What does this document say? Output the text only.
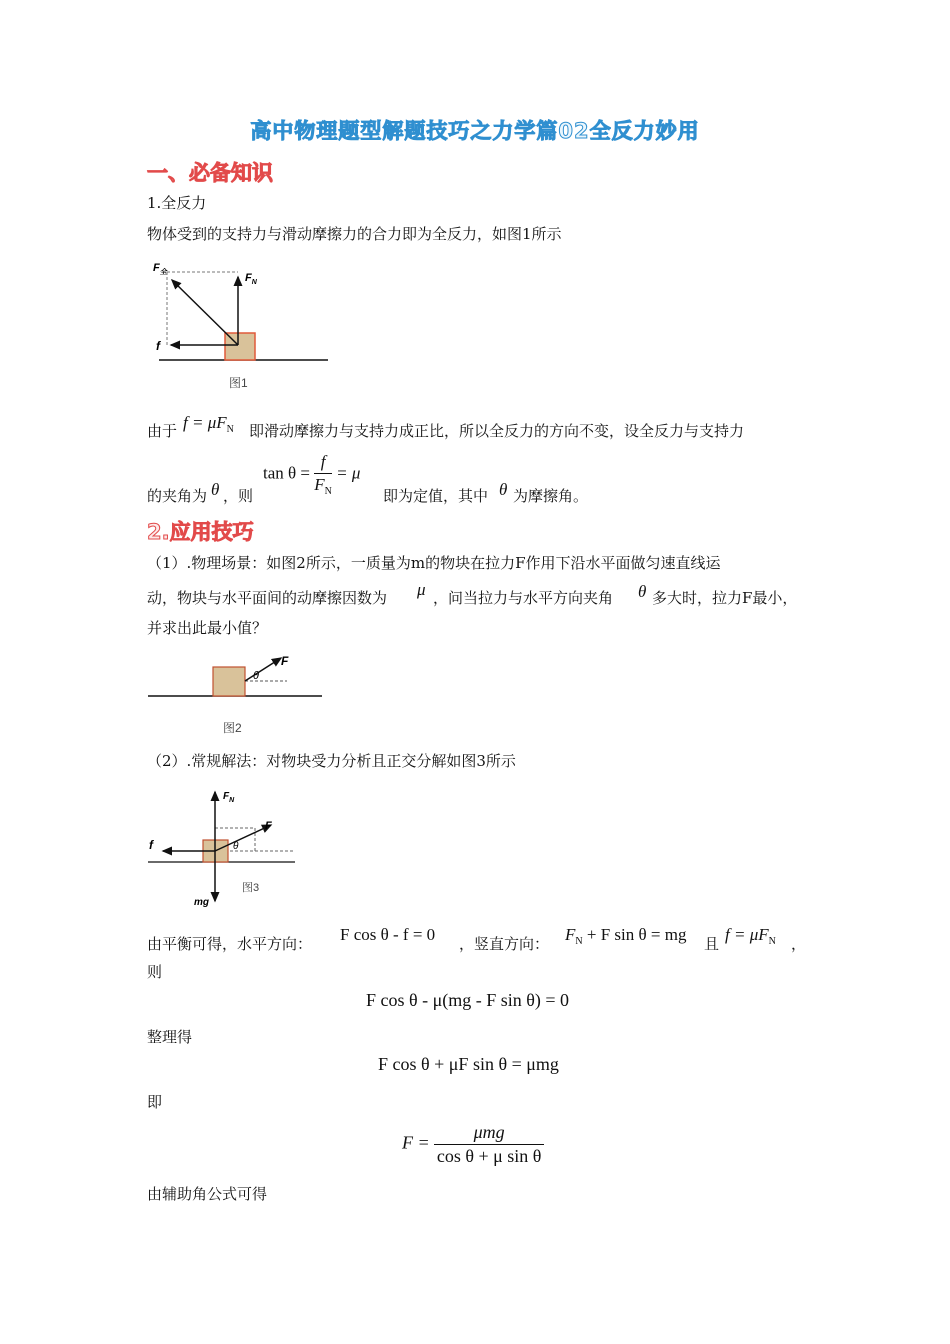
高中物理题型解题技巧之力学篇02全反力妙用
一、必备知识
1.全反力
物体受到的支持力与滑动摩擦力的合力即为全反力，如图1所示
$F_全$	$F_N$
f
图1
由于 $f = \mu F_N$ 即滑动摩擦力与支持力成正比，所以全反力的方向不变，设全反力与支持力
$\tan \theta = \frac{f}{F_N} = \mu$
的夹角为 θ ，则	即为定值，其中 θ 为摩擦角。
2.应用技巧
（1）.物理场景：如图2所示，一质量为m的物块在拉力F作用下沿水平面做匀速直线运
动，物块与水平面间的动摩擦因数为 μ ，问当拉力与水平方向夹角 θ 多大时，拉力F最小，
并求出此最小值？
F
θ
图2
（2）.常规解法：对物块受力分析且正交分解如图3所示
$F_N$
F
f	θ
mg
图3
由平衡可得，水平方向： F cos θ - f = 0 ，竖直方向： $F_N + F$ sin θ = mg 且 $f = \mu F_N$ ，
则
F cos θ - μ(mg - F sin θ) = 0
整理得
F cos θ + μF sin θ = μmg
即
$F = \frac{\text{μmg}}{\text{cos θ + μ sin θ}}$
由辅助角公式可得
